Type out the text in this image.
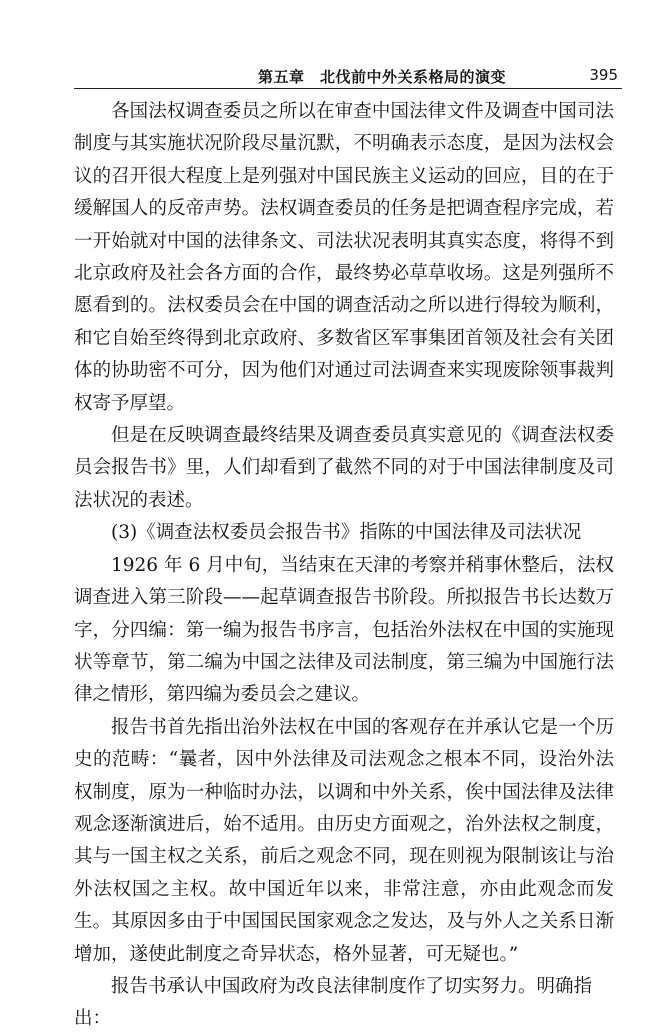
第五章　北伐前中外关系格局的演变	395

各国法权调查委员之所以在审查中国法律文件及调查中国司法制度与其实施状况阶段尽量沉默，不明确表示态度，是因为法权会议的召开很大程度上是列强对中国民族主义运动的回应，目的在于缓解国人的反帝声势。法权调查委员的任务是把调查程序完成，若一开始就对中国的法律条文、司法状况表明其真实态度，将得不到北京政府及社会各方面的合作，最终势必草草收场。这是列强所不愿看到的。法权委员会在中国的调查活动之所以进行得较为顺利，和它自始至终得到北京政府、多数省区军事集团首领及社会有关团体的协助密不可分，因为他们对通过司法调查来实现废除领事裁判权寄予厚望。

但是在反映调查最终结果及调查委员真实意见的《调查法权委员会报告书》里，人们却看到了截然不同的对于中国法律制度及司法状况的表述。

(3)《调查法权委员会报告书》指陈的中国法律及司法状况

1926 年 6 月中旬，当结束在天津的考察并稍事休整后，法权调查进入第三阶段——起草调查报告书阶段。所拟报告书长达数万字，分四编：第一编为报告书序言，包括治外法权在中国的实施现状等章节，第二编为中国之法律及司法制度，第三编为中国施行法律之情形，第四编为委员会之建议。

报告书首先指出治外法权在中国的客观存在并承认它是一个历史的范畴：“曩者，因中外法律及司法观念之根本不同，设治外法权制度，原为一种临时办法，以调和中外关系，俟中国法律及法律观念逐渐演进后，始不适用。由历史方面观之，治外法权之制度，其与一国主权之关系，前后之观念不同，现在则视为限制该让与治外法权国之主权。故中国近年以来，非常注意，亦由此观念而发生。其原因多由于中国国民国家观念之发达，及与外人之关系日渐增加，遂使此制度之奇异状态，格外显著，可无疑也。”

报告书承认中国政府为改良法律制度作了切实努力。明确指出：
